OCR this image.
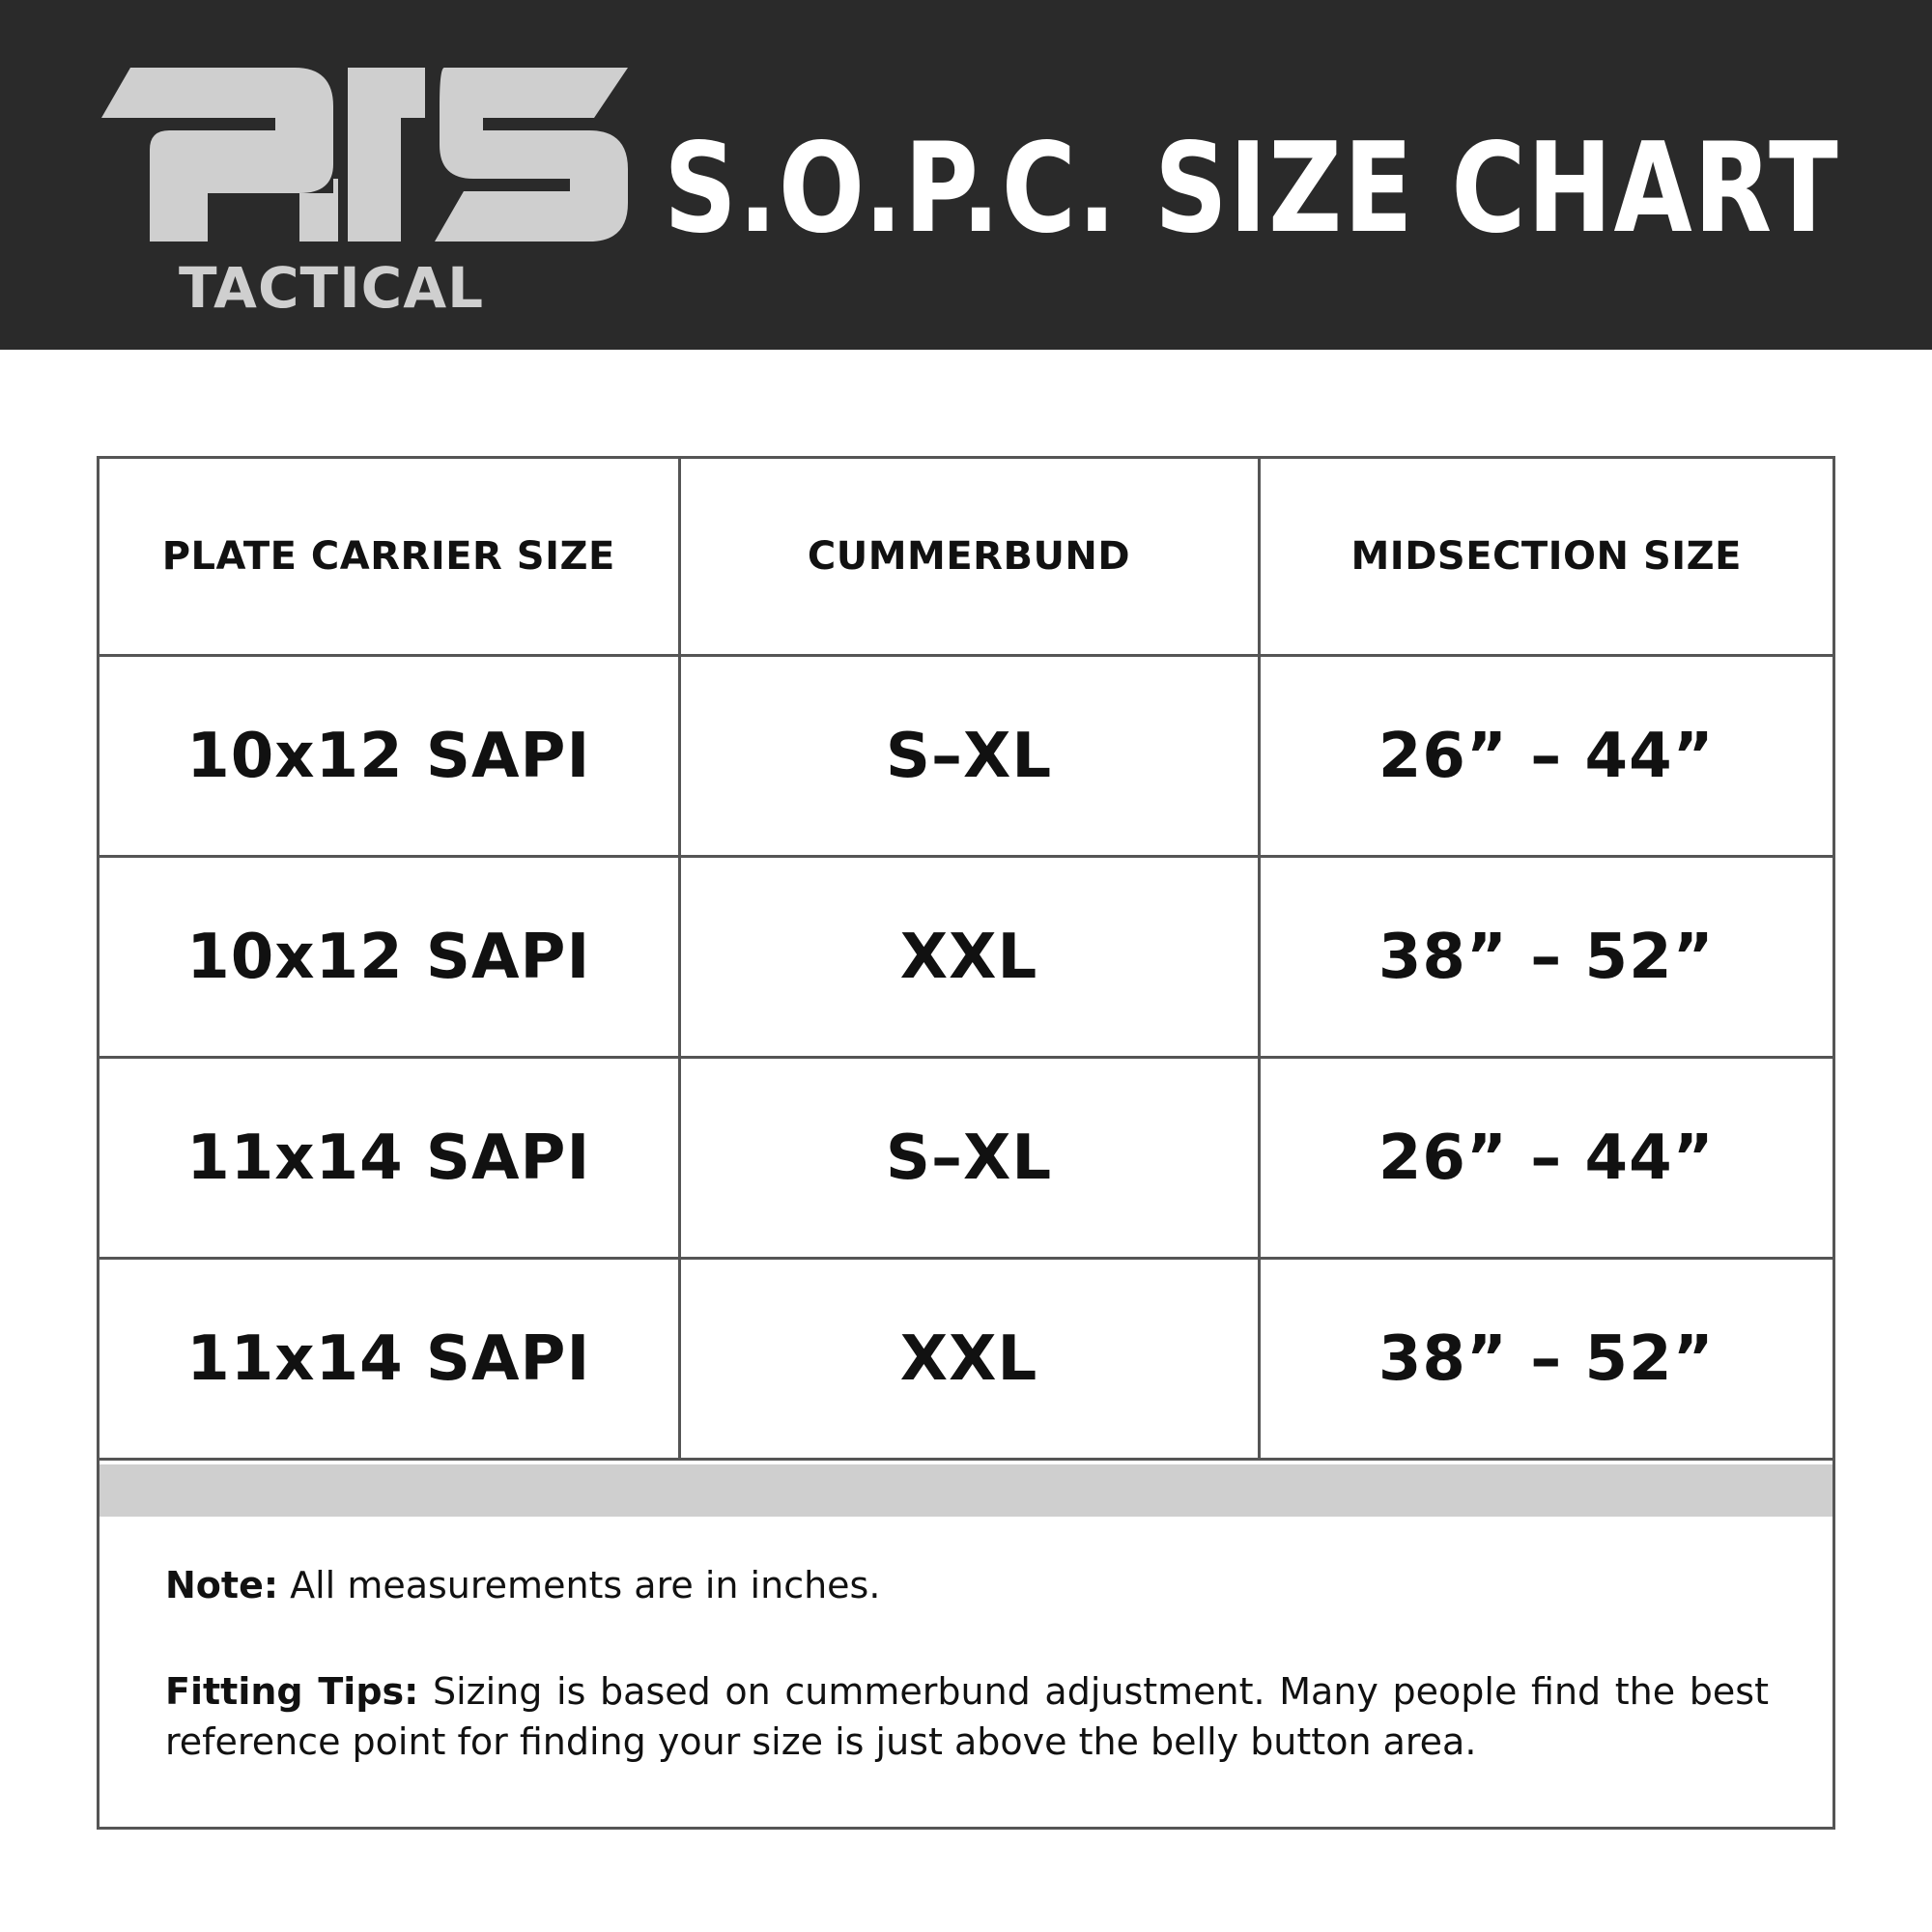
TACTICAL
S.O.P.C. SIZE CHART
PLATE CARRIER SIZE	CUMMERBUND	MIDSECTION SIZE
10x12 SAPI	S–XL	26” – 44”
10x12 SAPI	XXL	38” – 52”
11x14 SAPI	S–XL	26” – 44”
11x14 SAPI	XXL	38” – 52”

Note: All measurements are in inches.

Fitting Tips: Sizing is based on cummerbund adjustment. Many people find the best reference point for finding your size is just above the belly button area.
